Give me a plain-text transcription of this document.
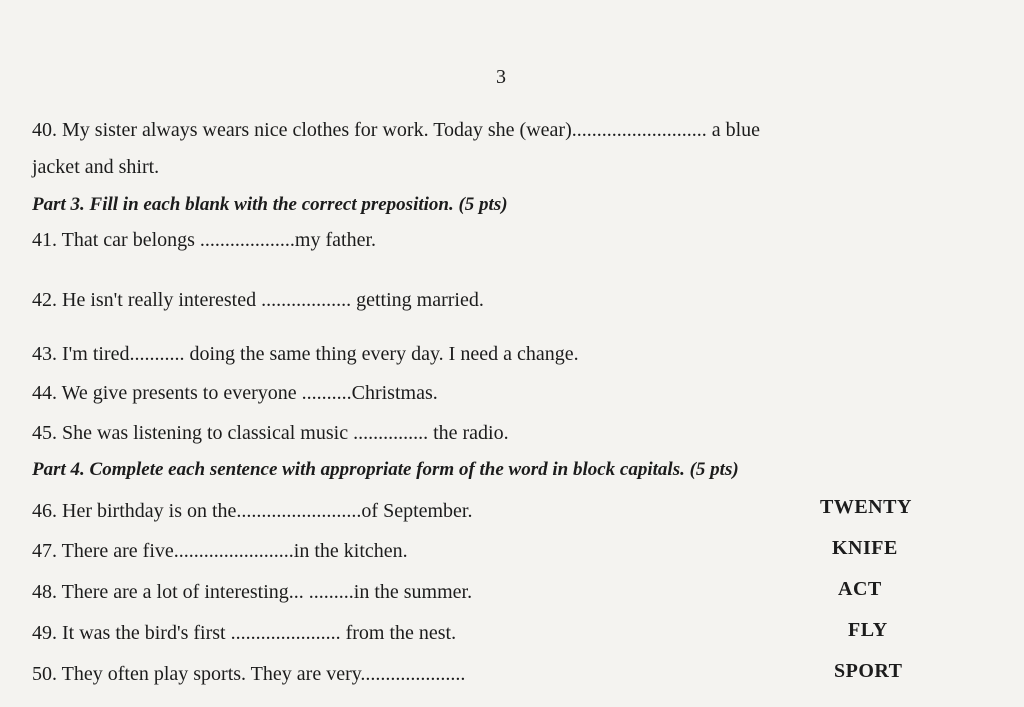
3
40. My sister always wears nice clothes for work. Today she (wear)........................... a blue
jacket and shirt.
Part 3. Fill in each blank with the correct preposition. (5 pts)
41. That car belongs ...................my father.
42. He isn't really interested .................. getting married.
43. I'm tired........... doing the same thing every day. I need a change.
44. We give presents to everyone ..........Christmas.
45. She was listening to classical music ............... the radio.
Part 4. Complete each sentence with appropriate form of the word in block capitals. (5 pts)
46. Her birthday is on the.........................of September.	TWENTY
47. There are five........................in the kitchen.	KNIFE
48. There are a lot of interesting... .........in the summer.	ACT
49. It was the bird's first ...................... from the nest.	FLY
50. They often play sports. They are very.....................	SPORT
